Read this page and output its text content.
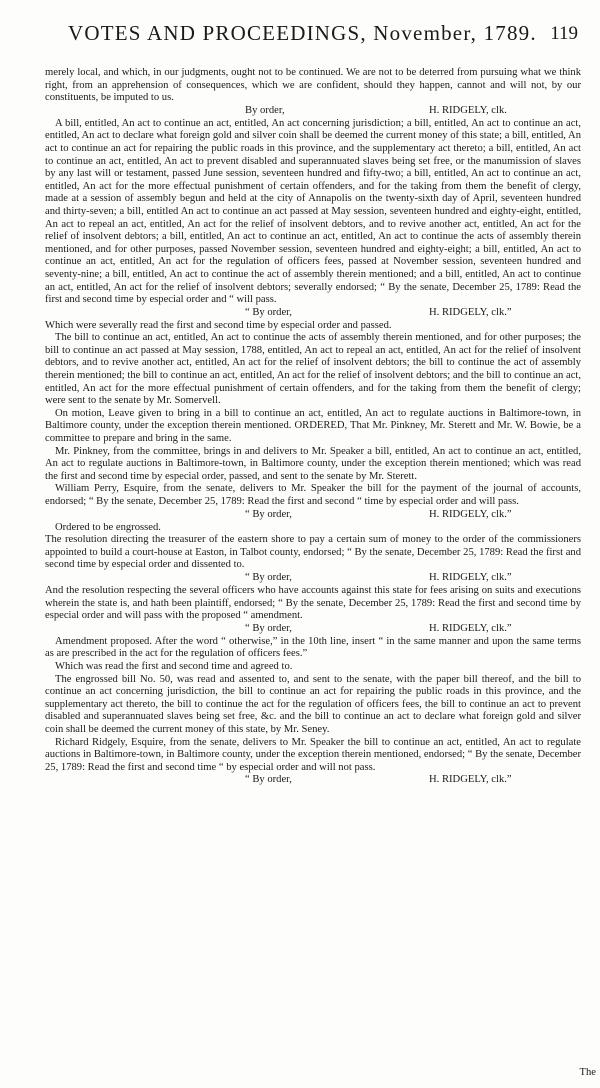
VOTES AND PROCEEDINGS, November, 1789. 119

merely local, and which, in our judgments, ought not to be continued. We are not to be deterred from pursuing what we think right, from an apprehension of consequences, which we are confident, should they happen, cannot and will not, by our constituents, be imputed to us.

By order,	H. RIDGELY, clk.

A bill, entitled, An act to continue an act, entitled, An act concerning jurisdiction; a bill, entitled, An act to continue an act, entitled, An act to declare what foreign gold and silver coin shall be deemed the current money of this state; a bill, entitled, An act to continue an act for repairing the public roads in this province, and the supplementary act thereto; a bill, entitled, An act to continue an act, entitled, An act to prevent disabled and superannuated slaves being set free, or the manumission of slaves by any last will or testament, passed June session, seventeen hundred and fifty-two; a bill, entitled, An act to continue an act, entitled, An act for the more effectual punishment of certain offenders, and for the taking from them the benefit of clergy, made at a session of assembly begun and held at the city of Annapolis on the twenty-sixth day of April, seventeen hundred and thirty-seven; a bill, entitled An act to continue an act passed at May session, seventeen hundred and eighty-eight, entitled, An act to repeal an act, entitled, An act for the relief of insolvent debtors, and to revive another act, entitled, An act for the relief of insolvent debtors; a bill, entitled, An act to continue an act, entitled, An act to continue the acts of assembly therein mentioned, and for other purposes, passed November session, seventeen hundred and eighty-eight; a bill, entitled, An act to continue an act, entitled, An act for the regulation of officers fees, passed at November session, seventeen hundred and seventy-nine; a bill, entitled, An act to continue the act of assembly therein mentioned; and a bill, entitled, An act to continue an act, entitled, An act for the relief of insolvent debtors; severally endorsed; “ By the senate, December 25, 1789: Read the first and second time by especial order and “ will pass.

“ By order,	H. RIDGELY, clk.”

Which were severally read the first and second time by especial order and passed.

The bill to continue an act, entitled, An act to continue the acts of assembly therein mentioned, and for other purposes; the bill to continue an act passed at May session, 1788, entitled, An act to repeal an act, entitled, An act for the relief of insolvent debtors, and to revive another act, entitled, An act for the relief of insolvent debtors; the bill to continue the act of assembly therein mentioned; the bill to continue an act, entitled, An act for the relief of insolvent debtors; and the bill to continue an act, entitled, An act for the more effectual punishment of certain offenders, and for the taking from them the benefit of clergy; were sent to the senate by Mr. Somervell.

On motion, Leave given to bring in a bill to continue an act, entitled, An act to regulate auctions in Baltimore-town, in Baltimore county, under the exception therein mentioned. ORDERED, That Mr. Pinkney, Mr. Sterett and Mr. W. Bowie, be a committee to prepare and bring in the same.

Mr. Pinkney, from the committee, brings in and delivers to Mr. Speaker a bill, entitled, An act to continue an act, entitled, An act to regulate auctions in Baltimore-town, in Baltimore county, under the exception therein mentioned; which was read the first and second time by especial order, passed, and sent to the senate by Mr. Sterett.

William Perry, Esquire, from the senate, delivers to Mr. Speaker the bill for the payment of the journal of accounts, endorsed; “ By the senate, December 25, 1789: Read the first and second “ time by especial order and will pass.

“ By order,	H. RIDGELY, clk.”

Ordered to be engrossed.

The resolution directing the treasurer of the eastern shore to pay a certain sum of money to the order of the commissioners appointed to build a court-house at Easton, in Talbot county, endorsed; “ By the senate, December 25, 1789: Read the first and second time by especial order and dissented to.

“ By order,	H. RIDGELY, clk.”

And the resolution respecting the several officers who have accounts against this state for fees arising on suits and executions wherein the state is, and hath been plaintiff, endorsed; “ By the senate, December 25, 1789: Read the first and second time by especial order and will pass with the proposed “ amendment.

“ By order,	H. RIDGELY, clk.”

Amendment proposed. After the word “ otherwise,” in the 10th line, insert “ in the same manner and upon the same terms as are prescribed in the act for the regulation of officers fees.”

Which was read the first and second time and agreed to.

The engrossed bill No. 50, was read and assented to, and sent to the senate, with the paper bill thereof, and the bill to continue an act concerning jurisdiction, the bill to continue an act for repairing the public roads in this province, and the supplementary act thereto, the bill to continue the act for the regulation of officers fees, the bill to continue an act to prevent disabled and superannuated slaves being set free, &c. and the bill to continue an act to declare what foreign gold and silver coin shall be deemed the current money of this state, by Mr. Seney.

Richard Ridgely, Esquire, from the senate, delivers to Mr. Speaker the bill to continue an act, entitled, An act to regulate auctions in Baltimore-town, in Baltimore county, under the exception therein mentioned, endorsed; “ By the senate, December 25, 1789: Read the first and second time “ by especial order and will not pass.

“ By order,	H. RIDGELY, clk.”
The
